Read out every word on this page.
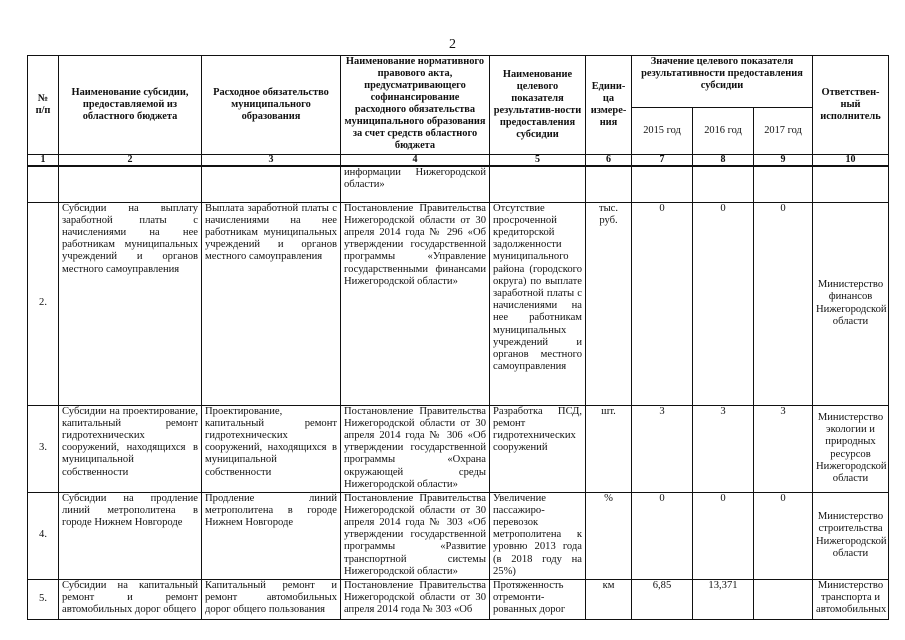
2
№
п/п	Наименование субсидии, предоставляемой из областного бюджета	Расходное обязательство муниципального образования	Наименование нормативного правового акта, предусматривающего софинансирование расходного обязательства муниципального образования за счет средств областного бюджета	Наименование целевого показателя результатив-ности предоставления субсидии	Едини-ца измере-ния	Значение целевого показателя результативности предоставления субсидии			Ответствен-ный исполнитель
						2015 год	2016 год	2017 год	
1	2	3	4	5	6	7	8	9	10
			информации Нижегородской области»						
2.	Субсидии на выплату заработной платы с начислениями на нее работникам муниципальных учреждений и органов местного самоуправления	Выплата заработной платы с начислениями на нее работникам муниципальных учреждений и органов местного самоуправления	Постановление Правительства Нижегородской области от 30 апреля 2014 года № 296 «Об утверждении государственной программы «Управление государственными финансами Нижегородской области»	Отсутствие просроченной кредиторской задолженности муниципального района (городского округа) по выплате заработной платы с начислениями на нее работникам муниципальных учреждений и органов местного самоуправления	тыс. руб.	0	0	0	Министерство финансов Нижегородской области
3.	Субсидии на проектирование, капитальный ремонт гидротехнических сооружений, находящихся в муниципальной собственности	Проектирование, капитальный ремонт гидротехнических сооружений, находящихся в муниципальной собственности	Постановление Правительства Нижегородской области от 30 апреля 2014 года № 306 «Об утверждении государственной программы «Охрана окружающей среды Нижегородской области»	Разработка ПСД, ремонт гидротехнических сооружений	шт.	3	3	3	Министерство экологии и природных ресурсов Нижегородской области
4.	Субсидии на продление линий метрополитена в городе Нижнем Новгороде	Продление линий метрополитена в городе Нижнем Новгороде	Постановление Правительства Нижегородской области от 30 апреля 2014 года № 303 «Об утверждении государственной программы «Развитие транспортной системы Нижегородской области»	Увеличение пассажиро-перевозок метрополитена к уровню 2013 года (в 2018 году на 25%)	%	0	0	0	Министерство строительства Нижегородской области
5.	Субсидии на капитальный ремонт и ремонт автомобильных дорог общего	Капитальный ремонт и ремонт автомобильных дорог общего пользования	Постановление Правительства Нижегородской области от 30 апреля 2014 года № 303 «Об	Протяженность отремонти-рованных дорог	км	6,85	13,371		Министерство транспорта и автомобильных
